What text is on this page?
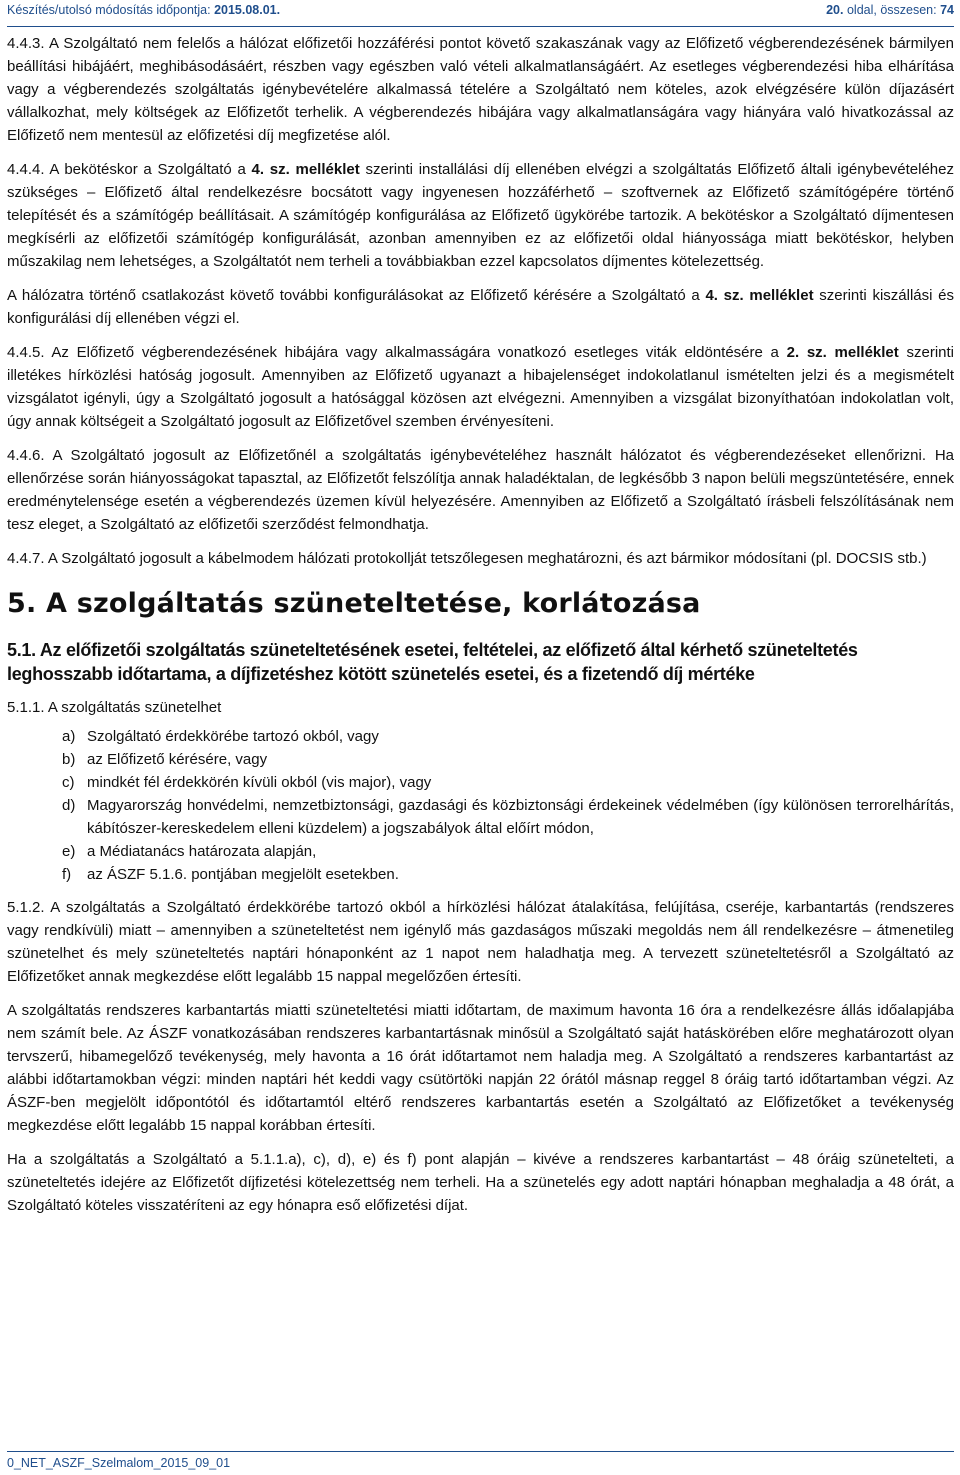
Készítés/utolsó módosítás időpontja: 2015.08.01.	20. oldal, összesen: 74

4.4.3. A Szolgáltató nem felelős a hálózat előfizetői hozzáférési pontot követő szakaszának vagy az Előfizető végberendezésének bármilyen beállítási hibájáért, meghibásodásáért, részben vagy egészben való vételi alkalmatlanságáért. Az esetleges végberendezési hiba elhárítása vagy a végberendezés szolgáltatás igénybevételére alkalmassá tételére a Szolgáltató nem köteles, azok elvégzésére külön díjazásért vállalkozhat, mely költségek az Előfizetőt terhelik. A végberendezés hibájára vagy alkalmatlanságára vagy hiányára való hivatkozással az Előfizető nem mentesül az előfizetési díj megfizetése alól.

4.4.4. A bekötéskor a Szolgáltató a 4. sz. melléklet szerinti installálási díj ellenében elvégzi a szolgáltatás Előfizető általi igénybevételéhez szükséges – Előfizető által rendelkezésre bocsátott vagy ingyenesen hozzáférhető – szoftvernek az Előfizető számítógépére történő telepítését és a számítógép beállításait. A számítógép konfigurálása az Előfizető ügykörébe tartozik. A bekötéskor a Szolgáltató díjmentesen megkísérli az előfizetői számítógép konfigurálását, azonban amennyiben ez az előfizetői oldal hiányossága miatt bekötéskor, helyben műszakilag nem lehetséges, a Szolgáltatót nem terheli a továbbiakban ezzel kapcsolatos díjmentes kötelezettség.

A hálózatra történő csatlakozást követő további konfigurálásokat az Előfizető kérésére a Szolgáltató a 4. sz. melléklet szerinti kiszállási és konfigurálási díj ellenében végzi el.

4.4.5. Az Előfizető végberendezésének hibájára vagy alkalmasságára vonatkozó esetleges viták eldöntésére a 2. sz. melléklet szerinti illetékes hírközlési hatóság jogosult. Amennyiben az Előfizető ugyanazt a hibajelenséget indokolatlanul ismételten jelzi és a megismételt vizsgálatot igényli, úgy a Szolgáltató jogosult a hatósággal közösen azt elvégezni. Amennyiben a vizsgálat bizonyíthatóan indokolatlan volt, úgy annak költségeit a Szolgáltató jogosult az Előfizetővel szemben érvényesíteni.

4.4.6. A Szolgáltató jogosult az Előfizetőnél a szolgáltatás igénybevételéhez használt hálózatot és végberendezéseket ellenőrizni. Ha ellenőrzése során hiányosságokat tapasztal, az Előfizetőt felszólítja annak haladéktalan, de legkésőbb 3 napon belüli megszüntetésére, ennek eredménytelensége esetén a végberendezés üzemen kívül helyezésére. Amennyiben az Előfizető a Szolgáltató írásbeli felszólításának nem tesz eleget, a Szolgáltató az előfizetői szerződést felmondhatja.

4.4.7. A Szolgáltató jogosult a kábelmodem hálózati protokollját tetszőlegesen meghatározni, és azt bármikor módosítani (pl. DOCSIS stb.)

5. A szolgáltatás szüneteltetése, korlátozása
5.1. Az előfizetői szolgáltatás szüneteltetésének esetei, feltételei, az előfizető által kérhető szüneteltetés leghosszabb időtartama, a díjfizetéshez kötött szünetelés esetei, és a fizetendő díj mértéke

5.1.1. A szolgáltatás szünetelhet

a) Szolgáltató érdekkörébe tartozó okból, vagy
b) az Előfizető kérésére, vagy
c) mindkét fél érdekkörén kívüli okból (vis major), vagy
d) Magyarország honvédelmi, nemzetbiztonsági, gazdasági és közbiztonsági érdekeinek védelmében (így különösen terrorelhárítás, kábítószer-kereskedelem elleni küzdelem) a jogszabályok által előírt módon,
e) a Médiatanács határozata alapján,
f) az ÁSZF 5.1.6. pontjában megjelölt esetekben.

5.1.2. A szolgáltatás a Szolgáltató érdekkörébe tartozó okból a hírközlési hálózat átalakítása, felújítása, cseréje, karbantartás (rendszeres vagy rendkívüli) miatt – amennyiben a szüneteltetést nem igénylő más gazdaságos műszaki megoldás nem áll rendelkezésre – átmenetileg szünetelhet és mely szüneteltetés naptári hónaponként az 1 napot nem haladhatja meg. A tervezett szüneteltetésről a Szolgáltató az Előfizetőket annak megkezdése előtt legalább 15 nappal megelőzően értesíti.

A szolgáltatás rendszeres karbantartás miatti szüneteltetési miatti időtartam, de maximum havonta 16 óra a rendelkezésre állás időalapjába nem számít bele. Az ÁSZF vonatkozásában rendszeres karbantartásnak minősül a Szolgáltató saját hatáskörében előre meghatározott olyan tervszerű, hibamegelőző tevékenység, mely havonta a 16 órát időtartamot nem haladja meg. A Szolgáltató a rendszeres karbantartást az alábbi időtartamokban végzi: minden naptári hét keddi vagy csütörtöki napján 22 órától másnap reggel 8 óráig tartó időtartamban végzi. Az ÁSZF-ben megjelölt időpontótól és időtartamtól eltérő rendszeres karbantartás esetén a Szolgáltató az Előfizetőket a tevékenység megkezdése előtt legalább 15 nappal korábban értesíti.

Ha a szolgáltatás a Szolgáltató a 5.1.1.a), c), d), e) és f) pont alapján – kivéve a rendszeres karbantartást – 48 óráig szünetelteti, a szüneteltetés idejére az Előfizetőt díjfizetési kötelezettség nem terheli. Ha a szünetelés egy adott naptári hónapban meghaladja a 48 órát, a Szolgáltató köteles visszatéríteni az egy hónapra eső előfizetési díjat.

0_NET_ASZF_Szelmalom_2015_09_01
